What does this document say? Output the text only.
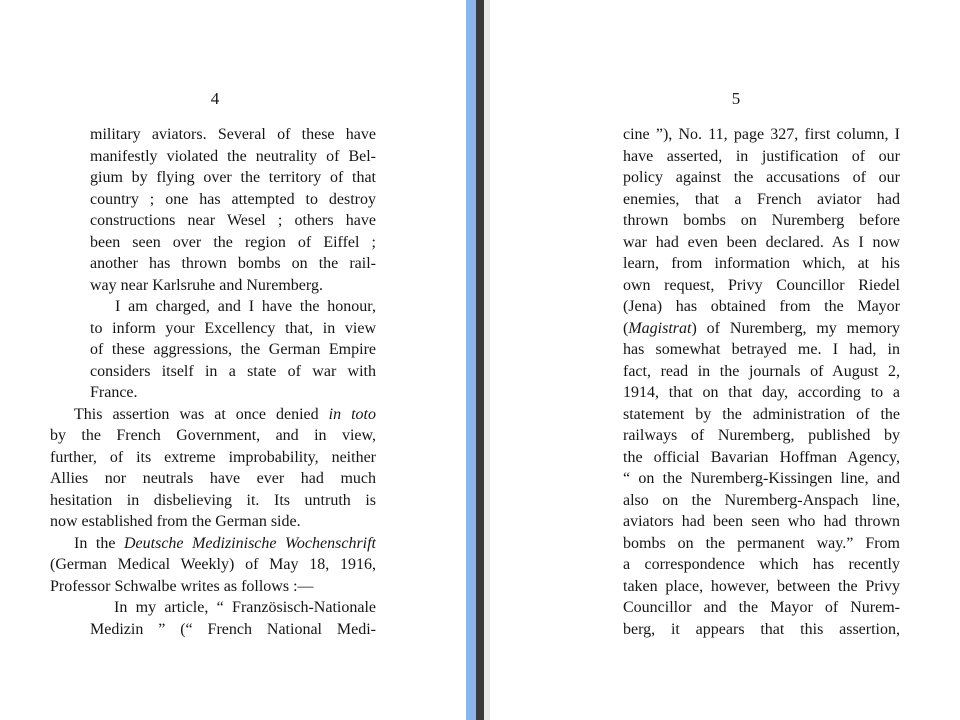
4
military aviators. Several of these have
manifestly violated the neutrality of Bel-
gium by flying over the territory of that
country ; one has attempted to destroy
constructions near Wesel ; others have
been seen over the region of Eiffel ;
another has thrown bombs on the rail-
way near Karlsruhe and Nuremberg.
I am charged, and I have the honour,
to inform your Excellency that, in view
of these aggressions, the German Empire
considers itself in a state of war with
France.
This assertion was at once denied in toto
by the French Government, and in view,
further, of its extreme improbability, neither
Allies nor neutrals have ever had much
hesitation in disbelieving it. Its untruth is
now established from the German side.
In the Deutsche Medizinische Wochenschrift
(German Medical Weekly) of May 18, 1916,
Professor Schwalbe writes as follows :—
In my article, “ Französisch-Nationale
Medizin ” (“ French National Medi-
5
cine ”), No. 11, page 327, first column, I
have asserted, in justification of our
policy against the accusations of our
enemies, that a French aviator had
thrown bombs on Nuremberg before
war had even been declared. As I now
learn, from information which, at his
own request, Privy Councillor Riedel
(Jena) has obtained from the Mayor
(Magistrat) of Nuremberg, my memory
has somewhat betrayed me. I had, in
fact, read in the journals of August 2,
1914, that on that day, according to a
statement by the administration of the
railways of Nuremberg, published by
the official Bavarian Hoffman Agency,
“ on the Nuremberg-Kissingen line, and
also on the Nuremberg-Anspach line,
aviators had been seen who had thrown
bombs on the permanent way.” From
a correspondence which has recently
taken place, however, between the Privy
Councillor and the Mayor of Nurem-
berg, it appears that this assertion,
